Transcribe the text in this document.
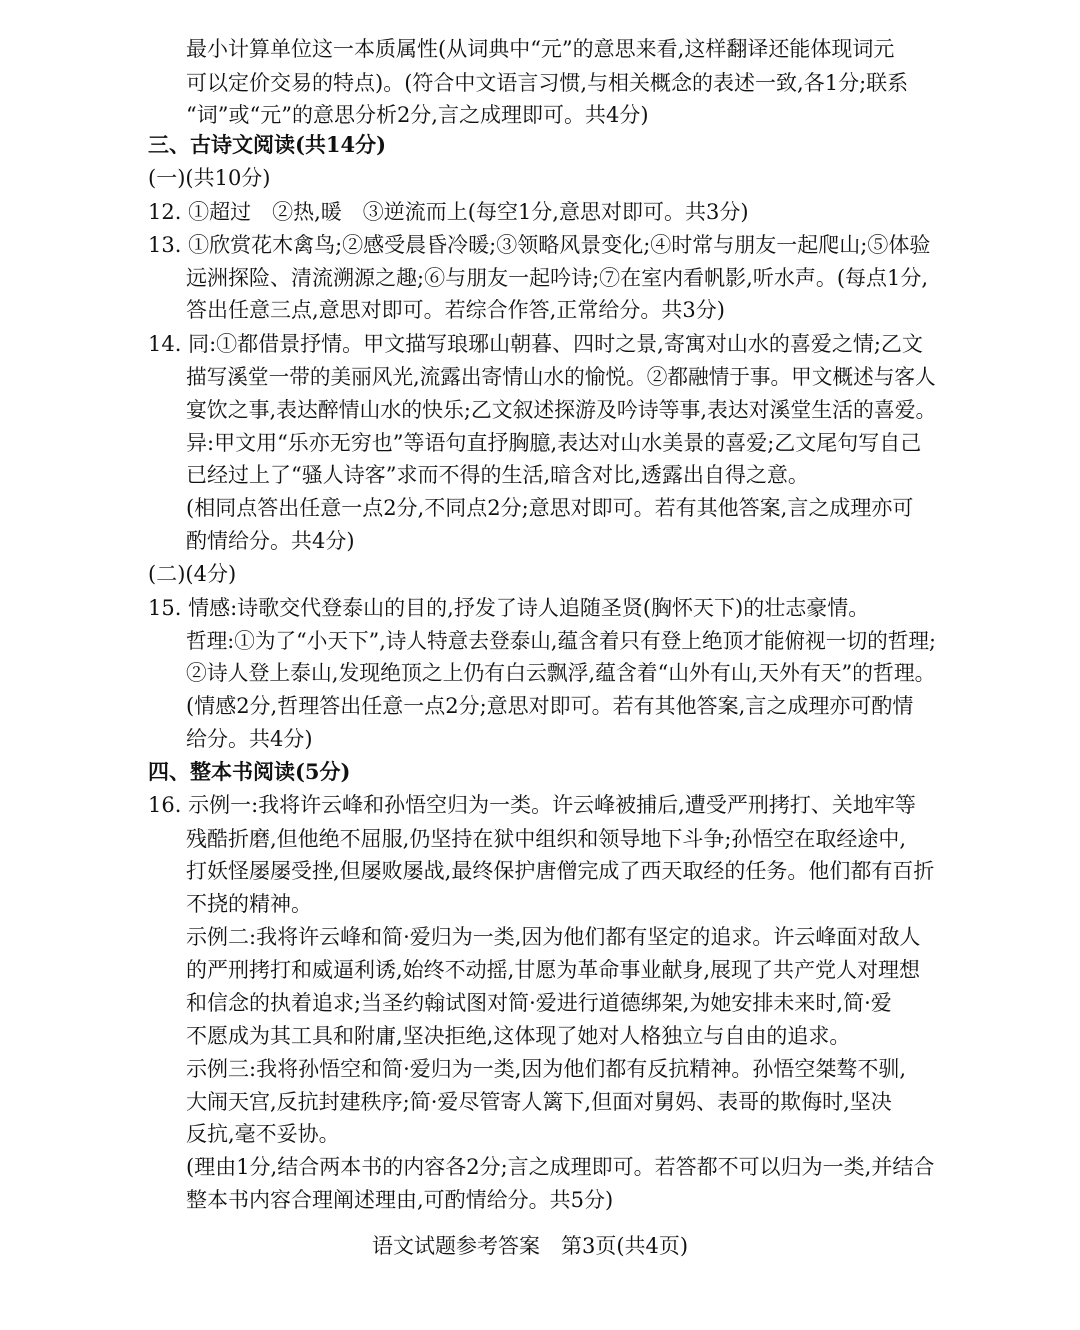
最小计算单位这一本质属性(从词典中“元”的意思来看,这样翻译还能体现词元

可以定价交易的特点)。(符合中文语言习惯,与相关概念的表述一致,各1分;联系

“词”或“元”的意思分析2分,言之成理即可。共4分)

三、古诗文阅读(共14分)

(一)(共10分)

12. ①超过　②热,暖　③逆流而上(每空1分,意思对即可。共3分)

13. ①欣赏花木禽鸟;②感受晨昏冷暖;③领略风景变化;④时常与朋友一起爬山;⑤体验

远洲探险、清流溯源之趣;⑥与朋友一起吟诗;⑦在室内看帆影,听水声。(每点1分,

答出任意三点,意思对即可。若综合作答,正常给分。共3分)

14. 同:①都借景抒情。甲文描写琅琊山朝暮、四时之景,寄寓对山水的喜爱之情;乙文

描写溪堂一带的美丽风光,流露出寄情山水的愉悦。②都融情于事。甲文概述与客人

宴饮之事,表达醉情山水的快乐;乙文叙述探游及吟诗等事,表达对溪堂生活的喜爱。

异:甲文用“乐亦无穷也”等语句直抒胸臆,表达对山水美景的喜爱;乙文尾句写自己

已经过上了“骚人诗客”求而不得的生活,暗含对比,透露出自得之意。

(相同点答出任意一点2分,不同点2分;意思对即可。若有其他答案,言之成理亦可

酌情给分。共4分)

(二)(4分)

15. 情感:诗歌交代登泰山的目的,抒发了诗人追随圣贤(胸怀天下)的壮志豪情。

哲理:①为了“小天下”,诗人特意去登泰山,蕴含着只有登上绝顶才能俯视一切的哲理;

②诗人登上泰山,发现绝顶之上仍有白云飘浮,蕴含着“山外有山,天外有天”的哲理。

(情感2分,哲理答出任意一点2分;意思对即可。若有其他答案,言之成理亦可酌情

给分。共4分)

四、整本书阅读(5分)

16. 示例一:我将许云峰和孙悟空归为一类。许云峰被捕后,遭受严刑拷打、关地牢等

残酷折磨,但他绝不屈服,仍坚持在狱中组织和领导地下斗争;孙悟空在取经途中,

打妖怪屡屡受挫,但屡败屡战,最终保护唐僧完成了西天取经的任务。他们都有百折

不挠的精神。

示例二:我将许云峰和简·爱归为一类,因为他们都有坚定的追求。许云峰面对敌人

的严刑拷打和威逼利诱,始终不动摇,甘愿为革命事业献身,展现了共产党人对理想

和信念的执着追求;当圣约翰试图对简·爱进行道德绑架,为她安排未来时,简·爱

不愿成为其工具和附庸,坚决拒绝,这体现了她对人格独立与自由的追求。

示例三:我将孙悟空和简·爱归为一类,因为他们都有反抗精神。孙悟空桀骜不驯,

大闹天宫,反抗封建秩序;简·爱尽管寄人篱下,但面对舅妈、表哥的欺侮时,坚决

反抗,毫不妥协。

(理由1分,结合两本书的内容各2分;言之成理即可。若答都不可以归为一类,并结合

整本书内容合理阐述理由,可酌情给分。共5分)

语文试题参考答案　第3页(共4页)
